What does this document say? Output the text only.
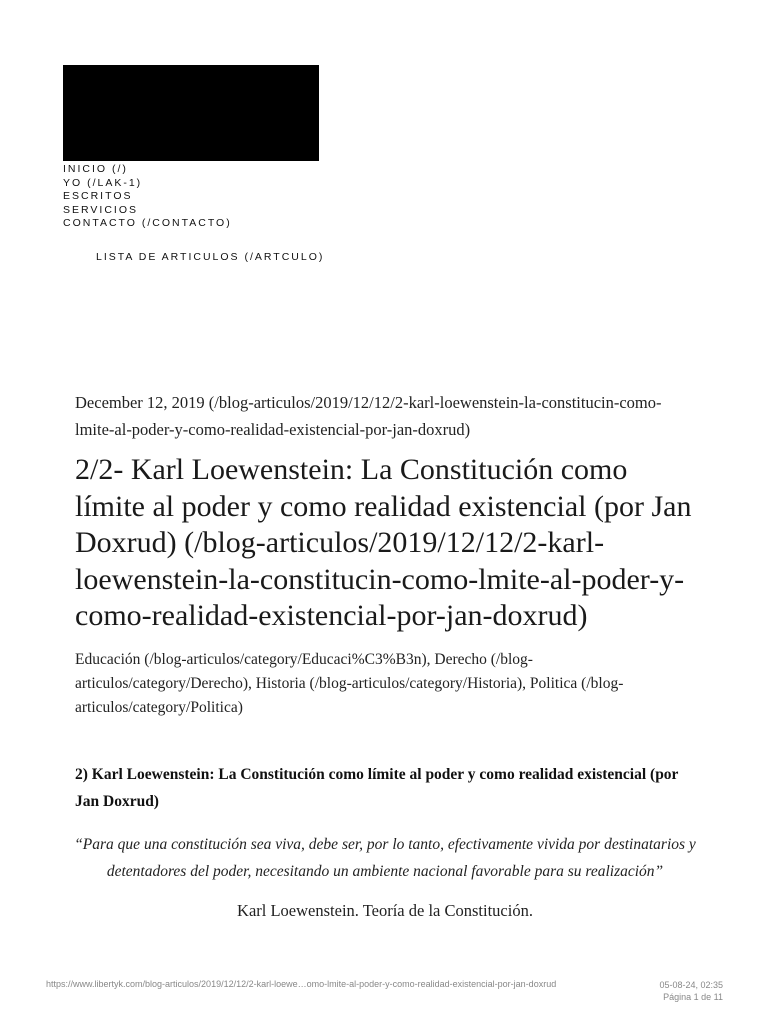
INICIO (/)
YO (/LAK-1)
ESCRITOS
SERVICIOS
CONTACTO (/CONTACTO)
LISTA DE ARTICULOS (/ARTCULO)
December 12, 2019 (/blog-articulos/2019/12/12/2-karl-loewenstein-la-constitucin-como-lmite-al-poder-y-como-realidad-existencial-por-jan-doxrud)
2/2- Karl Loewenstein: La Constitución como límite al poder y como realidad existencial (por Jan Doxrud) (/blog-articulos/2019/12/12/2-karl-loewenstein-la-constitucin-como-lmite-al-poder-y-como-realidad-existencial-por-jan-doxrud)
Educación (/blog-articulos/category/Educaci%C3%B3n), Derecho (/blog-articulos/category/Derecho), Historia (/blog-articulos/category/Historia), Politica (/blog-articulos/category/Politica)
2) Karl Loewenstein: La Constitución como límite al poder y como realidad existencial (por Jan Doxrud)
“Para que una constitución sea viva, debe ser, por lo tanto, efectivamente vivida por destinatarios y detentadores del poder, necesitando un ambiente nacional favorable para su realización”
Karl Loewenstein. Teoría de la Constitución.
https://www.libertyk.com/blog-articulos/2019/12/12/2-karl-loewe…omo-lmite-al-poder-y-como-realidad-existencial-por-jan-doxrud	05-08-24, 02:35
Página 1 de 11
